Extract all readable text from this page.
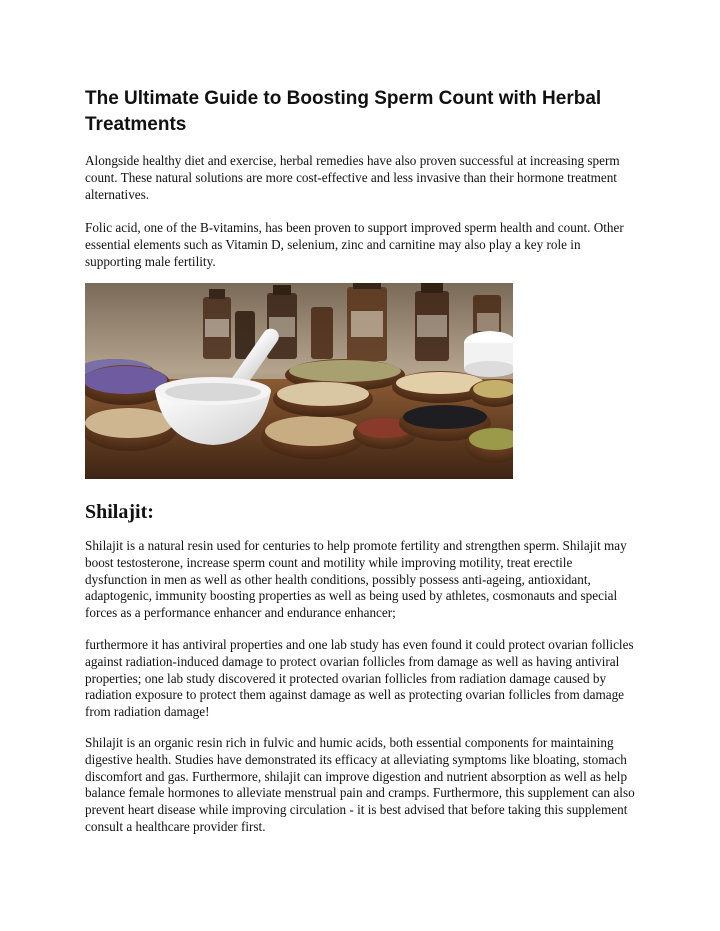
The Ultimate Guide to Boosting Sperm Count with Herbal Treatments

Alongside healthy diet and exercise, herbal remedies have also proven successful at increasing sperm count. These natural solutions are more cost-effective and less invasive than their hormone treatment alternatives.

Folic acid, one of the B-vitamins, has been proven to support improved sperm health and count. Other essential elements such as Vitamin D, selenium, zinc and carnitine may also play a key role in supporting male fertility.

Shilajit:

Shilajit is a natural resin used for centuries to help promote fertility and strengthen sperm. Shilajit may boost testosterone, increase sperm count and motility while improving motility, treat erectile dysfunction in men as well as other health conditions, possibly possess anti-ageing, antioxidant, adaptogenic, immunity boosting properties as well as being used by athletes, cosmonauts and special forces as a performance enhancer and endurance enhancer;

furthermore it has antiviral properties and one lab study has even found it could protect ovarian follicles against radiation-induced damage to protect ovarian follicles from damage as well as having antiviral properties; one lab study discovered it protected ovarian follicles from radiation damage caused by radiation exposure to protect them against damage as well as protecting ovarian follicles from damage from radiation damage!

Shilajit is an organic resin rich in fulvic and humic acids, both essential components for maintaining digestive health. Studies have demonstrated its efficacy at alleviating symptoms like bloating, stomach discomfort and gas. Furthermore, shilajit can improve digestion and nutrient absorption as well as help balance female hormones to alleviate menstrual pain and cramps. Furthermore, this supplement can also prevent heart disease while improving circulation - it is best advised that before taking this supplement consult a healthcare provider first.
